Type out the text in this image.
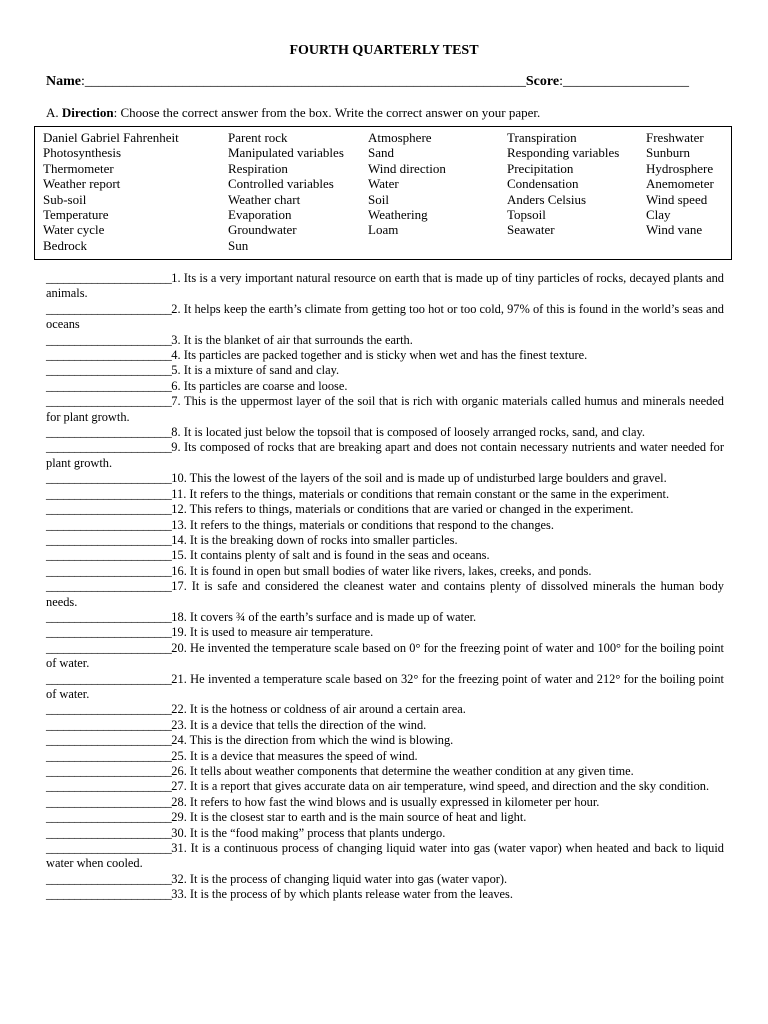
FOURTH QUARTERLY TEST
Name:_______________________________________________________________Score:__________________
A. Direction: Choose the correct answer from the box. Write the correct answer on your paper.
Daniel Gabriel Fahrenheit
Photosynthesis
Thermometer
Weather report
Sub-soil
Temperature
Water cycle
Bedrock
Parent rock
Manipulated variables
Respiration
Controlled variables
Weather chart
Evaporation
Groundwater
Sun
Atmosphere
Sand
Wind direction
Water
Soil
Weathering
Loam
Transpiration
Responding variables
Precipitation
Condensation
Anders Celsius
Topsoil
Seawater
Freshwater
Sunburn
Hydrosphere
Anemometer
Wind speed
Clay
Wind vane
______________________1. Its is a very important natural resource on earth that is made up of tiny particles of rocks, decayed plants and animals.
______________________2. It helps keep the earth’s climate from getting too hot or too cold, 97% of this is found in the world’s seas and oceans
______________________3. It is the blanket of air that surrounds the earth.
______________________4. Its particles are packed together and is sticky when wet and has the finest texture.
______________________5. It is a mixture of sand and clay.
______________________6. Its particles are coarse and loose.
______________________7. This is the uppermost layer of the soil that is rich with organic materials called humus and minerals needed for plant growth.
______________________8. It is located just below the topsoil that is composed of loosely arranged rocks, sand, and clay.
______________________9. Its composed of rocks that are breaking apart and does not contain necessary nutrients and water needed for plant growth.
______________________10. This the lowest of the layers of the soil and is made up of undisturbed large boulders and gravel.
______________________11. It refers to the things, materials or conditions that remain constant or the same in the experiment.
______________________12. This refers to things, materials or conditions that are varied or changed in the experiment.
______________________13. It refers to the things, materials or conditions that respond to the changes.
______________________14. It is the breaking down of rocks into smaller particles.
______________________15. It contains plenty of salt and is found in the seas and oceans.
______________________16. It is found in open but small bodies of water like rivers, lakes, creeks, and ponds.
______________________17. It is safe and considered the cleanest water and contains plenty of dissolved minerals the human body needs.
______________________18. It covers ¾ of the earth’s surface and is made up of water.
______________________19. It is used to measure air temperature.
______________________20. He invented the temperature scale based on 0° for the freezing point of water and 100° for the boiling point of water.
______________________21. He invented a temperature scale based on 32° for the freezing point of water and 212° for the boiling point of water.
______________________22. It is the hotness or coldness of air around a certain area.
______________________23. It is a device that tells the direction of the wind.
______________________24. This is the direction from which the wind is blowing.
______________________25. It is a device that measures the speed of wind.
______________________26. It tells about weather components that determine the weather condition at any given time.
______________________27. It is a report that gives accurate data on air temperature, wind speed, and direction and the sky condition.
______________________28. It refers to how fast the wind blows and is usually expressed in kilometer per hour.
______________________29. It is the closest star to earth and is the main source of heat and light.
______________________30. It is the “food making” process that plants undergo.
______________________31. It is a continuous process of changing liquid water into gas (water vapor) when heated and back to liquid water when cooled.
______________________32. It is the process of changing liquid water into gas (water vapor).
______________________33. It is the process of by which plants release water from the leaves.
